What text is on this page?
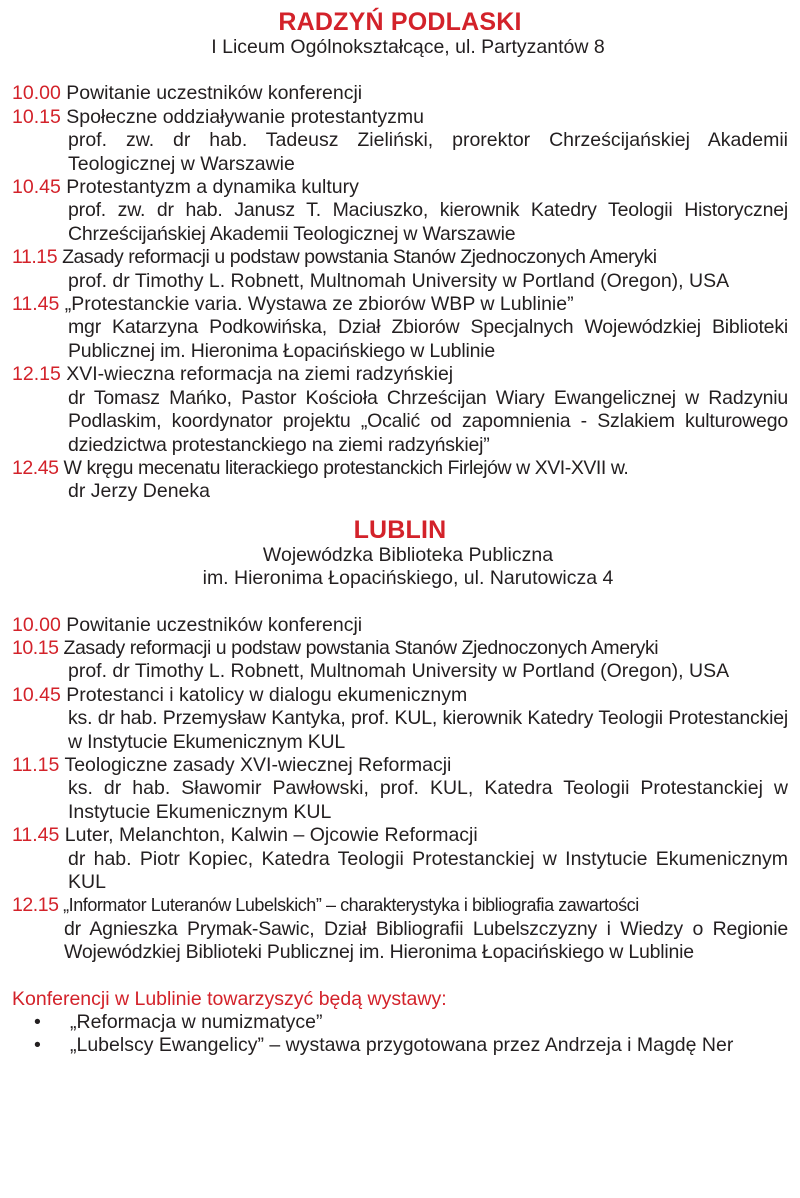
RADZYŃ PODLASKI
I Liceum Ogólnokształcące, ul. Partyzantów 8
10.00 Powitanie uczestników konferencji
10.15 Społeczne oddziaływanie protestantyzmu
prof. zw. dr hab. Tadeusz Zieliński, prorektor Chrześcijańskiej Akademii Teologicznej w Warszawie
10.45 Protestantyzm a dynamika kultury
prof. zw. dr hab. Janusz T. Maciuszko, kierownik Katedry Teologii Historycznej Chrześcijańskiej Akademii Teologicznej w Warszawie
11.15 Zasady reformacji u podstaw powstania Stanów Zjednoczonych Ameryki
prof. dr Timothy L. Robnett, Multnomah University w Portland (Oregon), USA
11.45 „Protestanckie varia. Wystawa ze zbiorów WBP w Lublinie”
mgr Katarzyna Podkowińska, Dział Zbiorów Specjalnych Wojewódzkiej Biblioteki Publicznej im. Hieronima Łopacińskiego w Lublinie
12.15 XVI-wieczna reformacja na ziemi radzyńskiej
dr Tomasz Mańko, Pastor Kościoła Chrześcijan Wiary Ewangelicznej w Radzyniu Podlaskim, koordynator projektu „Ocalić od zapomnienia - Szlakiem kulturowego dziedzictwa protestanckiego na ziemi radzyńskiej”
12.45 W kręgu mecenatu literackiego protestanckich Firlejów w XVI-XVII w.
dr Jerzy Deneka
LUBLIN
Wojewódzka Biblioteka Publiczna
im. Hieronima Łopacińskiego, ul. Narutowicza 4
10.00 Powitanie uczestników konferencji
10.15 Zasady reformacji u podstaw powstania Stanów Zjednoczonych Ameryki
prof. dr Timothy L. Robnett, Multnomah University w Portland (Oregon), USA
10.45 Protestanci i katolicy w dialogu ekumenicznym
ks. dr hab. Przemysław Kantyka, prof. KUL, kierownik Katedry Teologii Protestanckiej w Instytucie Ekumenicznym KUL
11.15 Teologiczne zasady XVI-wiecznej Reformacji
ks. dr hab. Sławomir Pawłowski, prof. KUL, Katedra Teologii Protestanckiej w Instytucie Ekumenicznym KUL
11.45 Luter, Melanchton, Kalwin – Ojcowie Reformacji
dr hab. Piotr Kopiec, Katedra Teologii Protestanckiej w Instytucie Ekumenicznym KUL
12.15 „Informator Luteranów Lubelskich” – charakterystyka i bibliografia zawartości
dr Agnieszka Prymak-Sawic, Dział Bibliografii Lubelszczyzny i Wiedzy o Regionie Wojewódzkiej Biblioteki Publicznej im. Hieronima Łopacińskiego w Lublinie
Konferencji w Lublinie towarzyszyć będą wystawy:
• „Reformacja w numizmatyce”
• „Lubelscy Ewangelicy” – wystawa przygotowana przez Andrzeja i Magdę Ner
